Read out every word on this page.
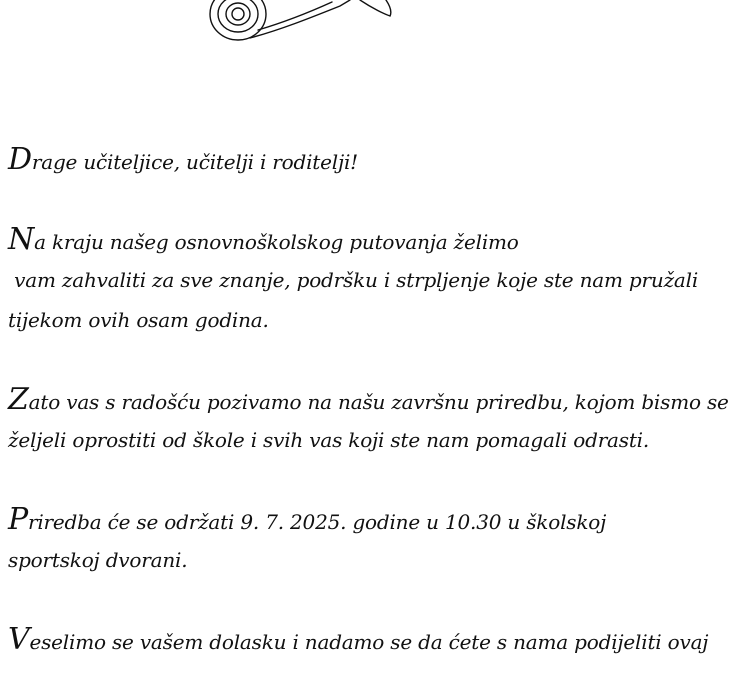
Drage učiteljice, učitelji i roditelji!
Na kraju našeg osnovnoškolskog putovanja želimo
vam zahvaliti za sve znanje, podršku i strpljenje koje ste nam pružali
tijekom ovih osam godina.
Zato vas s radošću pozivamo na našu završnu priredbu, kojom bismo se
željeli oprostiti od škole i svih vas koji ste nam pomagali odrasti.
Priredba će se održati 9. 7. 2025. godine u 10.30 u školskoj
sportskoj dvorani.
Veselimo se vašem dolasku i nadamo se da ćete s nama podijeliti ovaj
